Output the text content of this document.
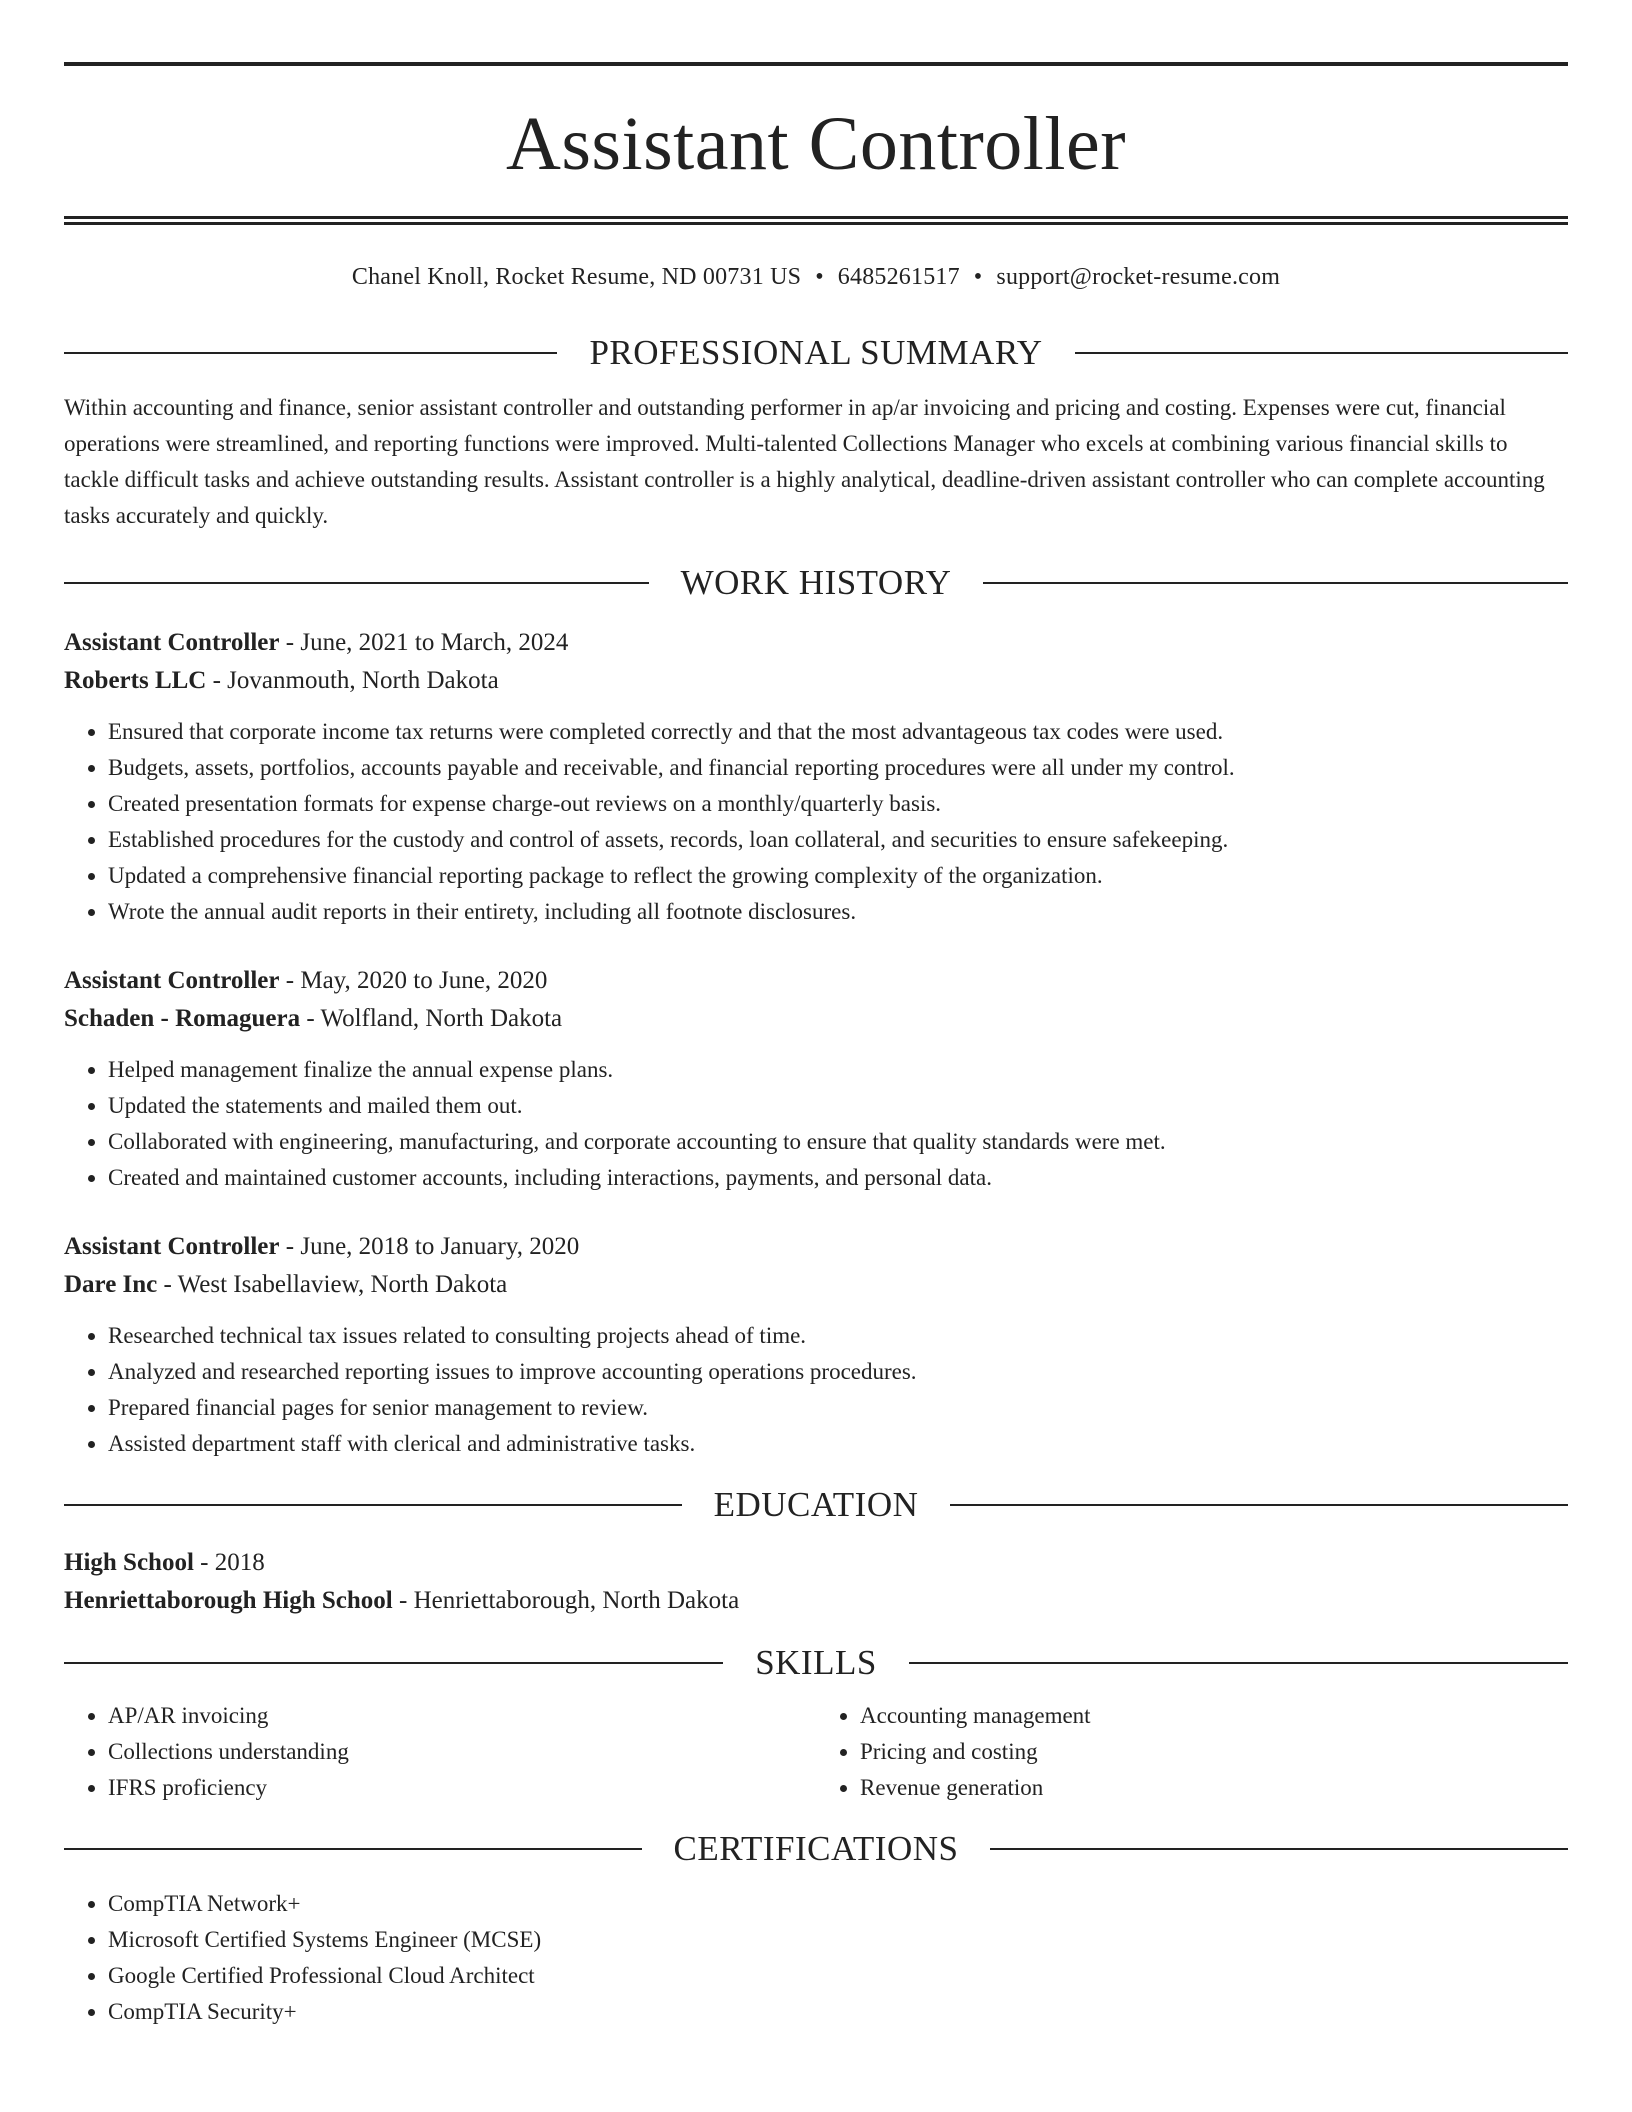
Assistant Controller
Chanel Knoll, Rocket Resume, ND 00731 US • 6485261517 • support@rocket-resume.com
PROFESSIONAL SUMMARY

Within accounting and finance, senior assistant controller and outstanding performer in ap/ar invoicing and pricing and costing. Expenses were cut, financial operations were streamlined, and reporting functions were improved. Multi-talented Collections Manager who excels at combining various financial skills to tackle difficult tasks and achieve outstanding results. Assistant controller is a highly analytical, deadline-driven assistant controller who can complete accounting tasks accurately and quickly.

WORK HISTORY
Assistant Controller - June, 2021 to March, 2024
Roberts LLC - Jovanmouth, North Dakota
• Ensured that corporate income tax returns were completed correctly and that the most advantageous tax codes were used.
• Budgets, assets, portfolios, accounts payable and receivable, and financial reporting procedures were all under my control.
• Created presentation formats for expense charge-out reviews on a monthly/quarterly basis.
• Established procedures for the custody and control of assets, records, loan collateral, and securities to ensure safekeeping.
• Updated a comprehensive financial reporting package to reflect the growing complexity of the organization.
• Wrote the annual audit reports in their entirety, including all footnote disclosures.
Assistant Controller - May, 2020 to June, 2020
Schaden - Romaguera - Wolfland, North Dakota
• Helped management finalize the annual expense plans.
• Updated the statements and mailed them out.
• Collaborated with engineering, manufacturing, and corporate accounting to ensure that quality standards were met.
• Created and maintained customer accounts, including interactions, payments, and personal data.
Assistant Controller - June, 2018 to January, 2020
Dare Inc - West Isabellaview, North Dakota
• Researched technical tax issues related to consulting projects ahead of time.
• Analyzed and researched reporting issues to improve accounting operations procedures.
• Prepared financial pages for senior management to review.
• Assisted department staff with clerical and administrative tasks.
EDUCATION
High School - 2018
Henriettaborough High School - Henriettaborough, North Dakota
SKILLS
• AP/AR invoicing
• Collections understanding
• IFRS proficiency
• Accounting management
• Pricing and costing
• Revenue generation
CERTIFICATIONS
• CompTIA Network+
• Microsoft Certified Systems Engineer (MCSE)
• Google Certified Professional Cloud Architect
• CompTIA Security+
